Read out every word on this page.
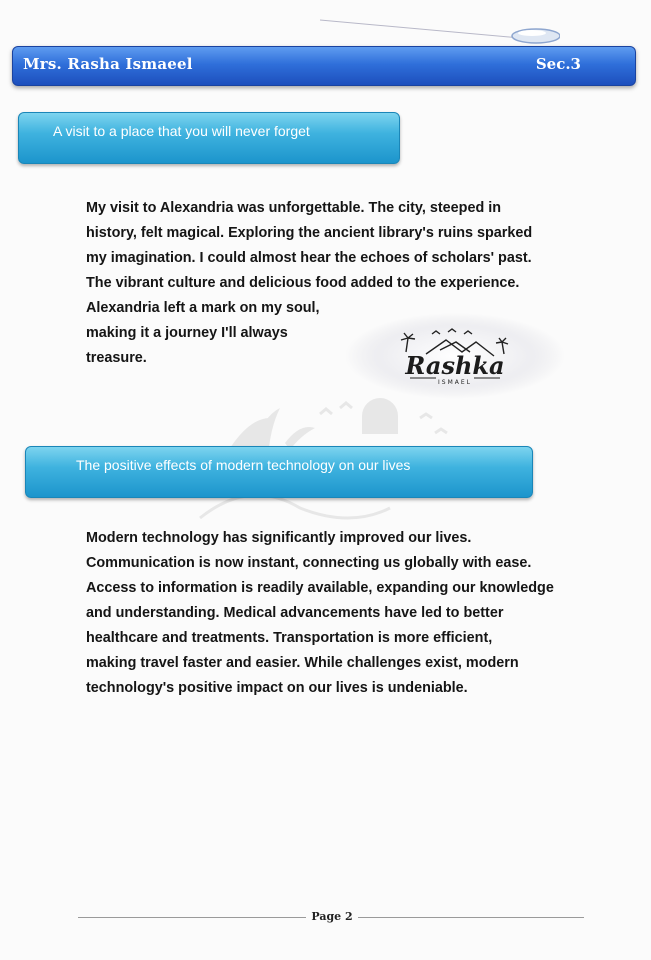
Mrs. Rasha Ismaeel	Sec.3
A visit to a place that you will never forget
My visit to Alexandria was unforgettable. The city, steeped in
history, felt magical. Exploring the ancient library's ruins sparked
my imagination. I could almost hear the echoes of scholars' past.
The vibrant culture and delicious food added to the experience.
Alexandria left a mark on my soul,
making it a journey I'll always
treasure.	Rashka
ISMAEL
The positive effects of modern technology on our lives
Modern technology has significantly improved our lives.
Communication is now instant, connecting us globally with ease.
Access to information is readily available, expanding our knowledge
and understanding. Medical advancements have led to better
healthcare and treatments. Transportation is more efficient,
making travel faster and easier. While challenges exist, modern
technology's positive impact on our lives is undeniable.
Page 2
